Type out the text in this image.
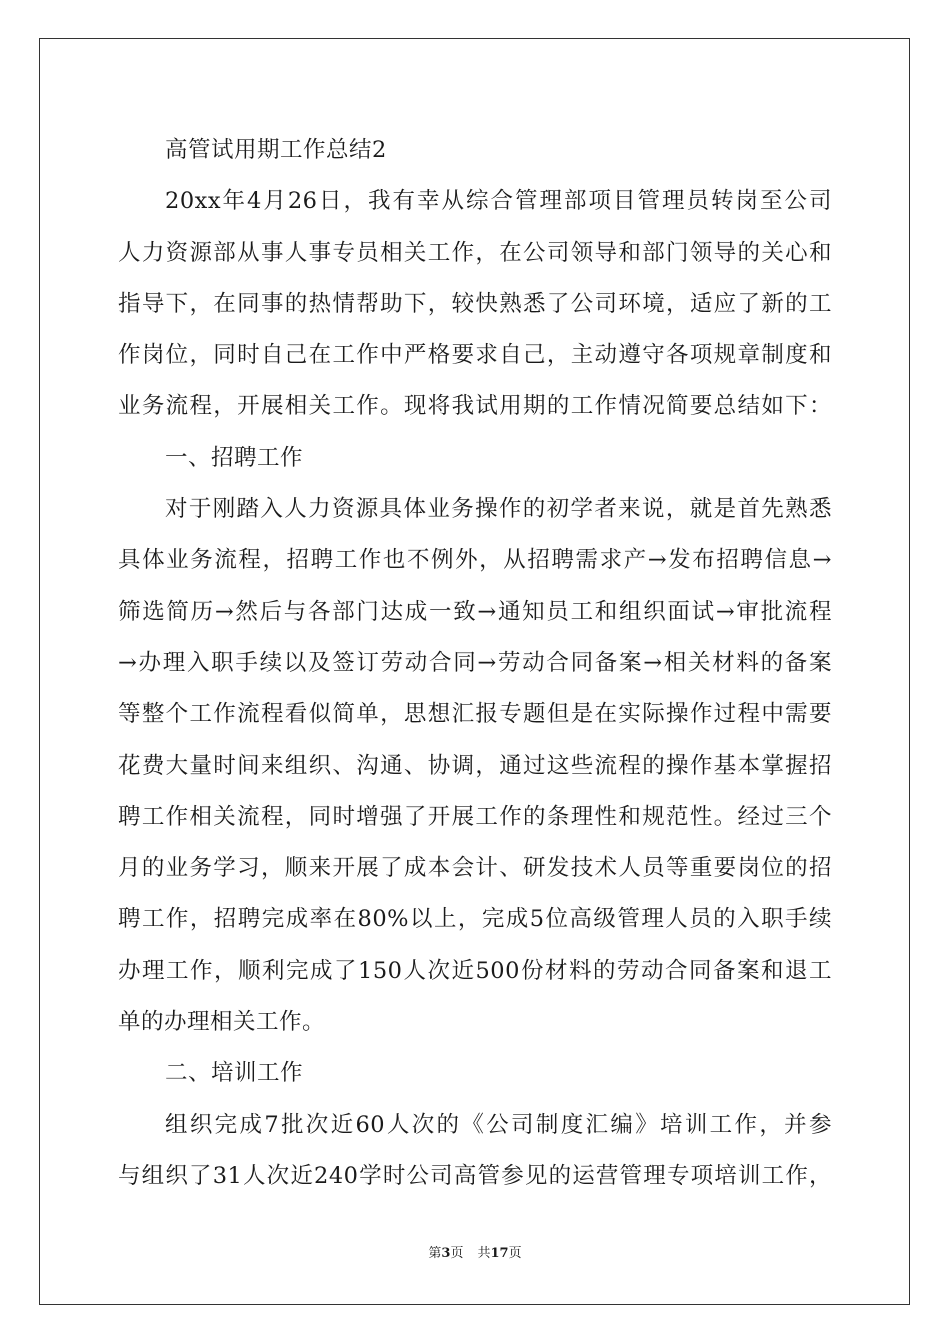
高管试用期工作总结2
20xx年4月26日，我有幸从综合管理部项目管理员转岗至公司
人力资源部从事人事专员相关工作，在公司领导和部门领导的关心和
指导下，在同事的热情帮助下，较快熟悉了公司环境，适应了新的工
作岗位，同时自己在工作中严格要求自己，主动遵守各项规章制度和
业务流程，开展相关工作。现将我试用期的工作情况简要总结如下：
一、招聘工作
对于刚踏入人力资源具体业务操作的初学者来说，就是首先熟悉
具体业务流程，招聘工作也不例外，从招聘需求产→发布招聘信息→
筛选简历→然后与各部门达成一致→通知员工和组织面试→审批流程
→办理入职手续以及签订劳动合同→劳动合同备案→相关材料的备案
等整个工作流程看似简单，思想汇报专题但是在实际操作过程中需要
花费大量时间来组织、沟通、协调，通过这些流程的操作基本掌握招
聘工作相关流程，同时增强了开展工作的条理性和规范性。经过三个
月的业务学习，顺来开展了成本会计、研发技术人员等重要岗位的招
聘工作，招聘完成率在80%以上，完成5位高级管理人员的入职手续
办理工作，顺利完成了150人次近500份材料的劳动合同备案和退工
单的办理相关工作。
二、培训工作
组织完成7批次近60人次的《公司制度汇编》培训工作，并参
与组织了31人次近240学时公司高管参见的运营管理专项培训工作，
第3页 共17页
